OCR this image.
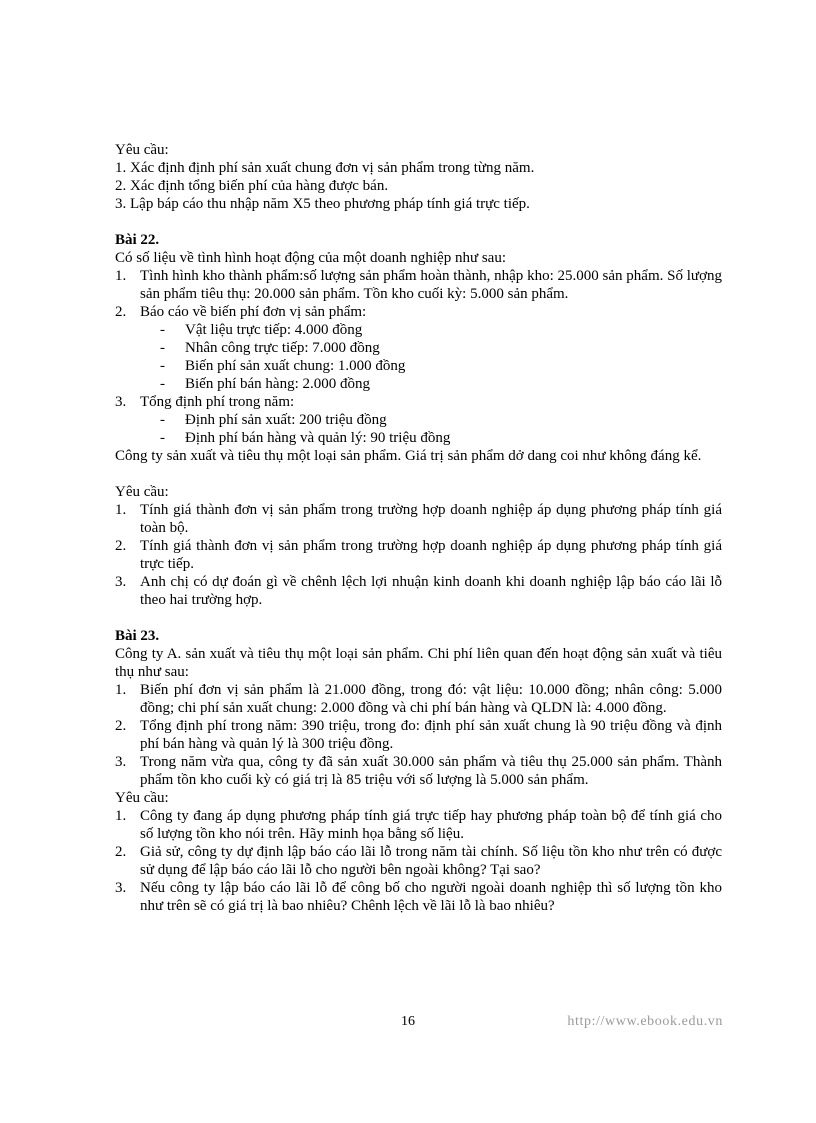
Yêu cầu:

1. Xác định định phí sản xuất chung đơn vị sản phẩm trong từng năm.

2. Xác định tổng biến phí của hàng được bán.

3. Lập báp cáo thu nhập năm X5 theo phương pháp tính giá trực tiếp.

Bài 22.

Có số liệu về tình hình hoạt động của một doanh nghiệp như sau:

1. Tình hình kho thành phẩm:số lượng sản phẩm hoàn thành, nhập kho: 25.000 sản phẩm. Số lượng sản phẩm tiêu thụ: 20.000 sản phẩm. Tồn kho cuối kỳ: 5.000 sản phẩm.
2. Báo cáo về biến phí đơn vị sản phẩm:
- Vật liệu trực tiếp: 4.000 đồng
- Nhân công trực tiếp: 7.000 đồng
- Biến phí sản xuất chung: 1.000 đồng
- Biến phí bán hàng: 2.000 đồng
3. Tổng định phí trong năm:
- Định phí sản xuất: 200 triệu đồng
- Định phí bán hàng và quản lý: 90 triệu đồng

Công ty sản xuất và tiêu thụ một loại sản phẩm. Giá trị sản phẩm dở dang coi như không đáng kể.

Yêu cầu:

1. Tính giá thành đơn vị sản phẩm trong trường hợp doanh nghiệp áp dụng phương pháp tính giá toàn bộ.
2. Tính giá thành đơn vị sản phẩm trong trường hợp doanh nghiệp áp dụng phương pháp tính giá trực tiếp.
3. Anh chị có dự đoán gì về chênh lệch lợi nhuận kinh doanh khi doanh nghiệp lập báo cáo lãi lỗ theo hai trường hợp.

Bài 23.

Công ty A. sản xuất và tiêu thụ một loại sản phẩm. Chi phí liên quan đến hoạt động sản xuất và tiêu thụ như sau:

1. Biến phí đơn vị sản phẩm là 21.000 đồng, trong đó: vật liệu: 10.000 đồng; nhân công: 5.000 đồng; chi phí sản xuất chung: 2.000 đồng và chi phí bán hàng và QLDN là: 4.000 đồng.
2. Tổng định phí trong năm: 390 triệu, trong đo: định phí sản xuất chung là 90 triệu đồng và định phí bán hàng và quản lý là 300 triệu đồng.
3. Trong năm vừa qua, công ty đã sản xuất 30.000 sản phẩm và tiêu thụ 25.000 sản phẩm. Thành phẩm tồn kho cuối kỳ có giá trị là 85 triệu với số lượng là 5.000 sản phẩm.

Yêu cầu:

1. Công ty đang áp dụng phương pháp tính giá trực tiếp hay phương pháp toàn bộ để tính giá cho số lượng tồn kho nói trên. Hãy minh họa bằng số liệu.
2. Giả sử, công ty dự định lập báo cáo lãi lỗ trong năm tài chính. Số liệu tồn kho như trên có được sử dụng để lập báo cáo lãi lỗ cho người bên ngoài không? Tại sao?
3. Nếu công ty lập báo cáo lãi lỗ để công bố cho người ngoài doanh nghiệp thì số lượng tồn kho như trên sẽ có giá trị là bao nhiêu? Chênh lệch về lãi lỗ là bao nhiêu?
16	http://www.ebook.edu.vn
